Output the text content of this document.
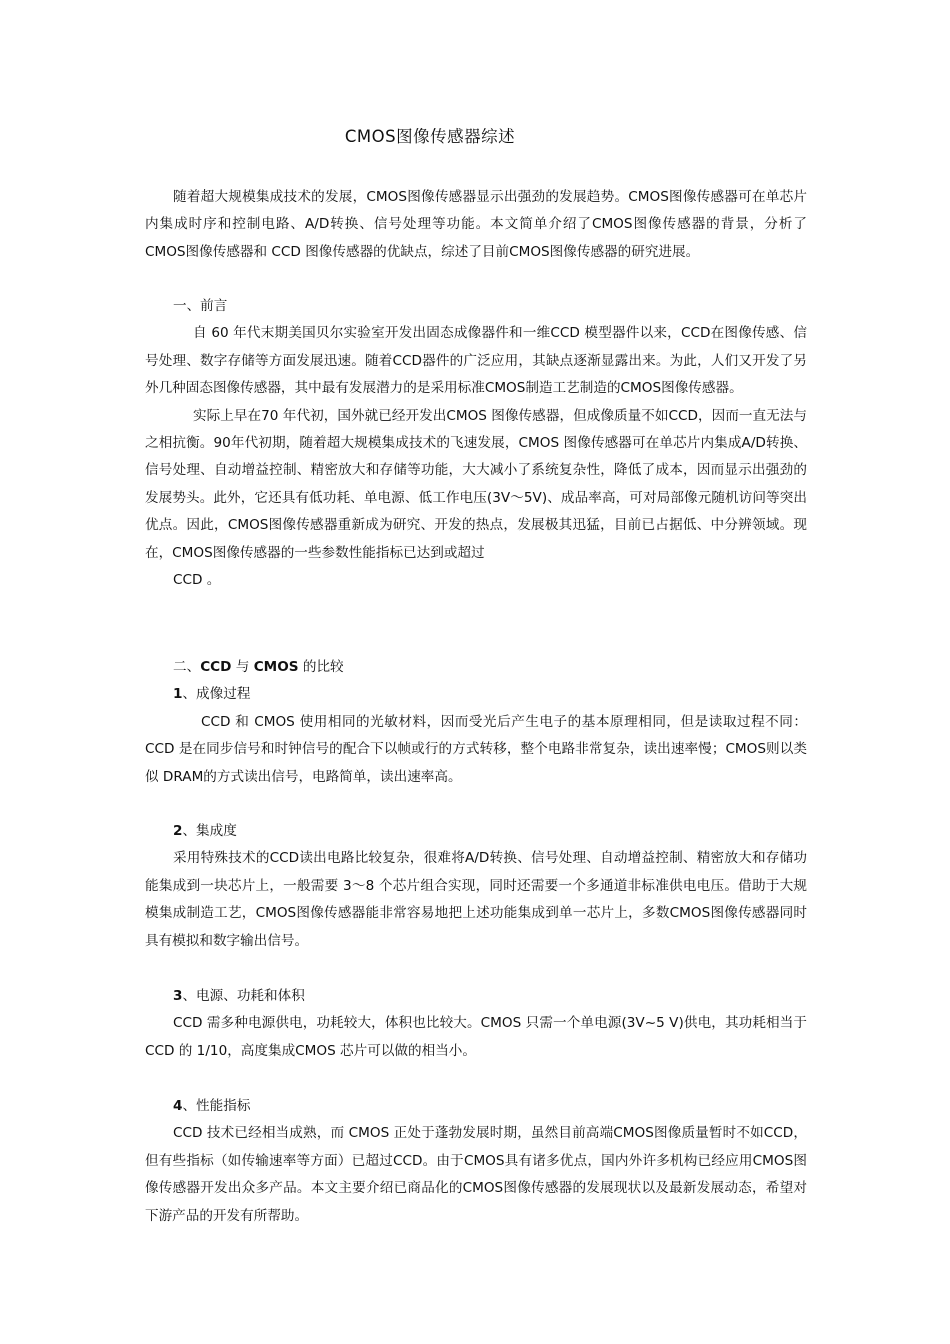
CMOS图像传感器综述

随着超大规模集成技术的发展，CMOS图像传感器显示出强劲的发展趋势。CMOS图像传感器可在单芯片内集成时序和控制电路、A/D转换、信号处理等功能。本文简单介绍了CMOS图像传感器的背景，分析了CMOS图像传感器和 CCD 图像传感器的优缺点，综述了目前CMOS图像传感器的研究进展。

一、前言

自 60 年代末期美国贝尔实验室开发出固态成像器件和一维CCD 模型器件以来，CCD在图像传感、信号处理、数字存储等方面发展迅速。随着CCD器件的广泛应用，其缺点逐渐显露出来。为此，人们又开发了另外几种固态图像传感器，其中最有发展潜力的是采用标准CMOS制造工艺制造的CMOS图像传感器。

实际上早在70 年代初，国外就已经开发出CMOS 图像传感器，但成像质量不如CCD，因而一直无法与之相抗衡。90年代初期，随着超大规模集成技术的飞速发展，CMOS 图像传感器可在单芯片内集成A/D转换、信号处理、自动增益控制、精密放大和存储等功能，大大减小了系统复杂性，降低了成本，因而显示出强劲的发展势头。此外，它还具有低功耗、单电源、低工作电压(3V～5V)、成品率高，可对局部像元随机访问等突出优点。因此，CMOS图像传感器重新成为研究、开发的热点，发展极其迅猛，目前已占据低、中分辨领域。现在，CMOS图像传感器的一些参数性能指标已达到或超过

CCD 。

二、CCD 与 CMOS 的比较

1、成像过程

CCD 和 CMOS 使用相同的光敏材料，因而受光后产生电子的基本原理相同，但是读取过程不同：CCD 是在同步信号和时钟信号的配合下以帧或行的方式转移，整个电路非常复杂，读出速率慢；CMOS则以类似 DRAM的方式读出信号，电路简单，读出速率高。

2、集成度

采用特殊技术的CCD读出电路比较复杂，很难将A/D转换、信号处理、自动增益控制、精密放大和存储功能集成到一块芯片上，一般需要 3～8 个芯片组合实现，同时还需要一个多通道非标准供电电压。借助于大规模集成制造工艺，CMOS图像传感器能非常容易地把上述功能集成到单一芯片上，多数CMOS图像传感器同时具有模拟和数字输出信号。

3、电源、功耗和体积

CCD 需多种电源供电，功耗较大，体积也比较大。CMOS 只需一个单电源(3V~5 V)供电，其功耗相当于 CCD 的 1/10，高度集成CMOS 芯片可以做的相当小。

4、性能指标

CCD 技术已经相当成熟，而 CMOS 正处于蓬勃发展时期，虽然目前高端CMOS图像质量暂时不如CCD，但有些指标（如传输速率等方面）已超过CCD。由于CMOS具有诸多优点，国内外许多机构已经应用CMOS图像传感器开发出众多产品。本文主要介绍已商品化的CMOS图像传感器的发展现状以及最新发展动态，希望对下游产品的开发有所帮助。
